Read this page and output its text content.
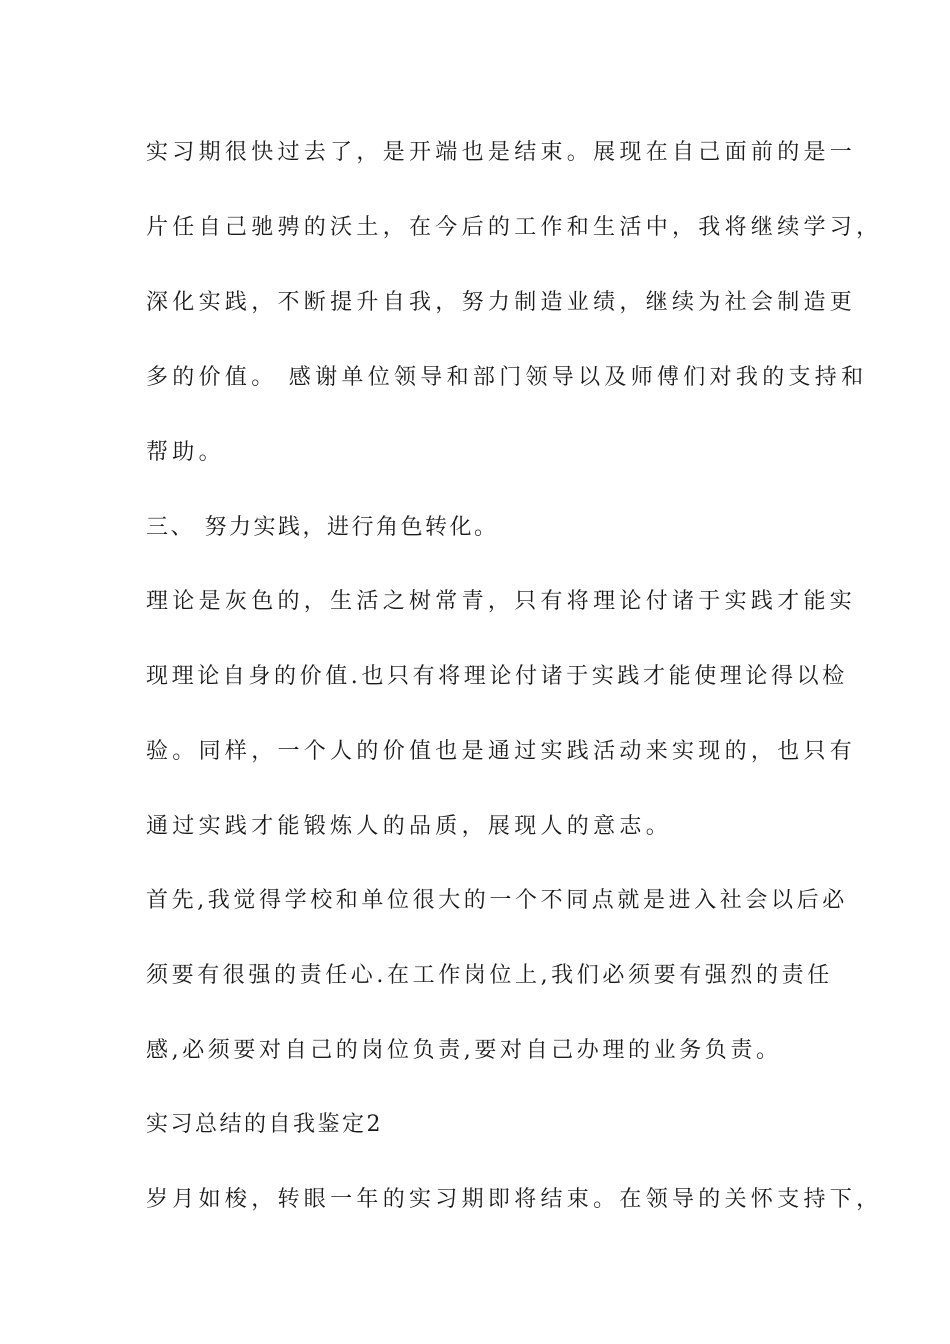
实习期很快过去了，是开端也是结束。展现在自己面前的是一
片任自己驰骋的沃土，在今后的工作和生活中，我将继续学习，
深化实践，不断提升自我，努力制造业绩，继续为社会制造更
多的价值。 感谢单位领导和部门领导以及师傅们对我的支持和
帮助。
三、 努力实践，进行角色转化。
理论是灰色的，生活之树常青，只有将理论付诸于实践才能实
现理论自身的价值.也只有将理论付诸于实践才能使理论得以检
验。同样，一个人的价值也是通过实践活动来实现的，也只有
通过实践才能锻炼人的品质，展现人的意志。
首先,我觉得学校和单位很大的一个不同点就是进入社会以后必
须要有很强的责任心.在工作岗位上,我们必须要有强烈的责任
感,必须要对自己的岗位负责,要对自己办理的业务负责。
实习总结的自我鉴定2
岁月如梭，转眼一年的实习期即将结束。在领导的关怀支持下，
